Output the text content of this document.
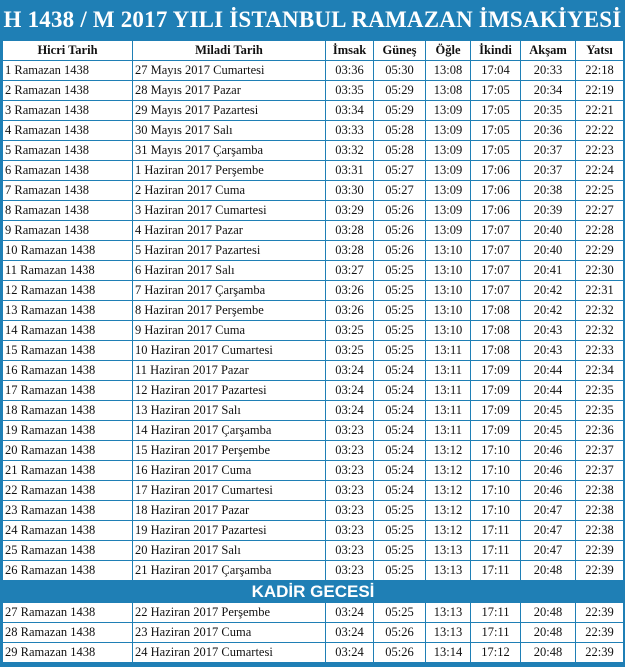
H 1438 / M 2017 YILI İSTANBUL RAMAZAN İMSAKİYESİ
Hicri Tarih	Miladi Tarih	İmsak	Güneş	Öğle	İkindi	Akşam	Yatsı
1 Ramazan 1438	27 Mayıs 2017 Cumartesi	03:36	05:30	13:08	17:04	20:33	22:18
2 Ramazan 1438	28 Mayıs 2017 Pazar	03:35	05:29	13:08	17:05	20:34	22:19
3 Ramazan 1438	29 Mayıs 2017 Pazartesi	03:34	05:29	13:09	17:05	20:35	22:21
4 Ramazan 1438	30 Mayıs 2017 Salı	03:33	05:28	13:09	17:05	20:36	22:22
5 Ramazan 1438	31 Mayıs 2017 Çarşamba	03:32	05:28	13:09	17:05	20:37	22:23
6 Ramazan 1438	1 Haziran 2017 Perşembe	03:31	05:27	13:09	17:06	20:37	22:24
7 Ramazan 1438	2 Haziran 2017 Cuma	03:30	05:27	13:09	17:06	20:38	22:25
8 Ramazan 1438	3 Haziran 2017 Cumartesi	03:29	05:26	13:09	17:06	20:39	22:27
9 Ramazan 1438	4 Haziran 2017 Pazar	03:28	05:26	13:09	17:07	20:40	22:28
10 Ramazan 1438	5 Haziran 2017 Pazartesi	03:28	05:26	13:10	17:07	20:40	22:29
11 Ramazan 1438	6 Haziran 2017 Salı	03:27	05:25	13:10	17:07	20:41	22:30
12 Ramazan 1438	7 Haziran 2017 Çarşamba	03:26	05:25	13:10	17:07	20:42	22:31
13 Ramazan 1438	8 Haziran 2017 Perşembe	03:26	05:25	13:10	17:08	20:42	22:32
14 Ramazan 1438	9 Haziran 2017 Cuma	03:25	05:25	13:10	17:08	20:43	22:32
15 Ramazan 1438	10 Haziran 2017 Cumartesi	03:25	05:25	13:11	17:08	20:43	22:33
16 Ramazan 1438	11 Haziran 2017 Pazar	03:24	05:24	13:11	17:09	20:44	22:34
17 Ramazan 1438	12 Haziran 2017 Pazartesi	03:24	05:24	13:11	17:09	20:44	22:35
18 Ramazan 1438	13 Haziran 2017 Salı	03:24	05:24	13:11	17:09	20:45	22:35
19 Ramazan 1438	14 Haziran 2017 Çarşamba	03:23	05:24	13:11	17:09	20:45	22:36
20 Ramazan 1438	15 Haziran 2017 Perşembe	03:23	05:24	13:12	17:10	20:46	22:37
21 Ramazan 1438	16 Haziran 2017 Cuma	03:23	05:24	13:12	17:10	20:46	22:37
22 Ramazan 1438	17 Haziran 2017 Cumartesi	03:23	05:24	13:12	17:10	20:46	22:38
23 Ramazan 1438	18 Haziran 2017 Pazar	03:23	05:25	13:12	17:10	20:47	22:38
24 Ramazan 1438	19 Haziran 2017 Pazartesi	03:23	05:25	13:12	17:11	20:47	22:38
25 Ramazan 1438	20 Haziran 2017 Salı	03:23	05:25	13:13	17:11	20:47	22:39
26 Ramazan 1438	21 Haziran 2017 Çarşamba	03:23	05:25	13:13	17:11	20:48	22:39
KADİR GECESİ							
27 Ramazan 1438	22 Haziran 2017 Perşembe	03:24	05:25	13:13	17:11	20:48	22:39
28 Ramazan 1438	23 Haziran 2017 Cuma	03:24	05:26	13:13	17:11	20:48	22:39
29 Ramazan 1438	24 Haziran 2017 Cumartesi	03:24	05:26	13:14	17:12	20:48	22:39
